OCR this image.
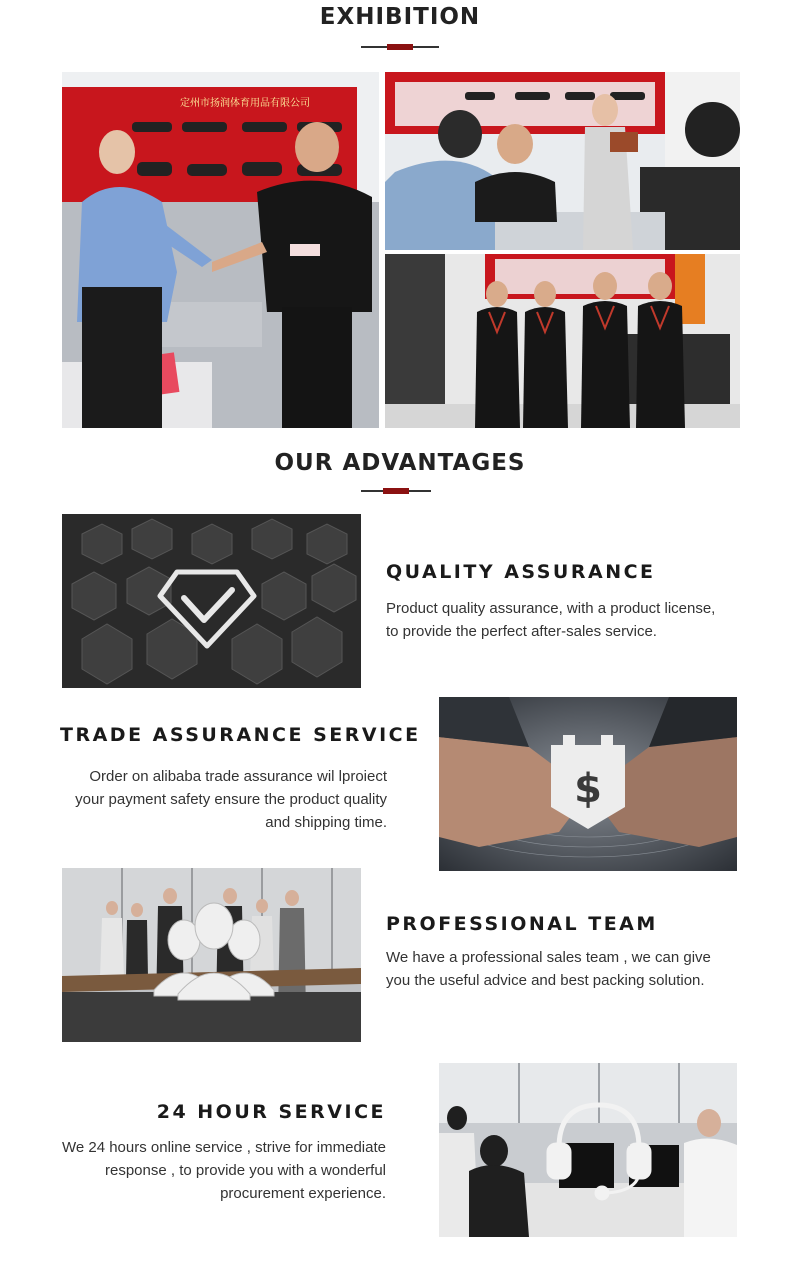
EXHIBITION
定州市扬润体育用品有限公司
OUR ADVANTAGES
QUALITY ASSURANCE
Product quality assurance, with a product license,
to provide the perfect after-sales service.
TRADE ASSURANCE SERVICE
Order on alibaba trade assurance wil lproiect
your payment safety ensure the product quality
and shipping time.
$
PROFESSIONAL TEAM
We have a professional sales team , we can give
you the useful advice and best packing solution.
24 HOUR SERVICE
We 24 hours online service , strive for immediate
response , to provide you with a wonderful
procurement experience.
